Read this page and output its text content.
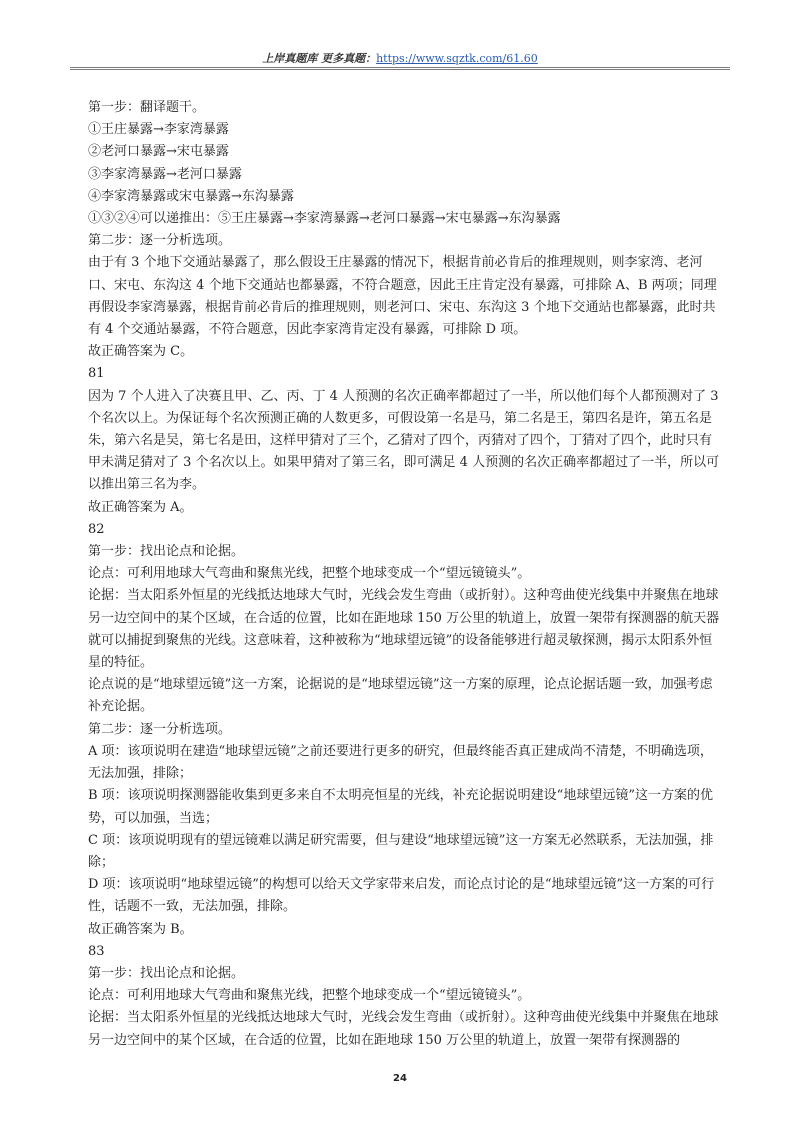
上岸真题库 更多真题：https://www.sqztk.com/61.60

第一步：翻译题干。

①王庄暴露→李家湾暴露

②老河口暴露→宋屯暴露

③李家湾暴露→老河口暴露

④李家湾暴露或宋屯暴露→东沟暴露

①③②④可以递推出：⑤王庄暴露→李家湾暴露→老河口暴露→宋屯暴露→东沟暴露

第二步：逐一分析选项。

由于有 3 个地下交通站暴露了，那么假设王庄暴露的情况下，根据肯前必肯后的推理规则，则李家湾、老河口、宋屯、东沟这 4 个地下交通站也都暴露，不符合题意，因此王庄肯定没有暴露，可排除 A、B 两项；同理再假设李家湾暴露，根据肯前必肯后的推理规则，则老河口、宋屯、东沟这 3 个地下交通站也都暴露，此时共有 4 个交通站暴露，不符合题意，因此李家湾肯定没有暴露，可排除 D 项。

故正确答案为 C。

81

因为 7 个人进入了决赛且甲、乙、丙、丁 4 人预测的名次正确率都超过了一半，所以他们每个人都预测对了 3 个名次以上。为保证每个名次预测正确的人数更多，可假设第一名是马，第二名是王，第四名是许，第五名是朱，第六名是吴，第七名是田，这样甲猜对了三个，乙猜对了四个，丙猜对了四个，丁猜对了四个，此时只有甲未满足猜对了 3 个名次以上。如果甲猜对了第三名，即可满足 4 人预测的名次正确率都超过了一半，所以可以推出第三名为李。

故正确答案为 A。

82

第一步：找出论点和论据。

论点：可利用地球大气弯曲和聚焦光线，把整个地球变成一个“望远镜镜头”。

论据：当太阳系外恒星的光线抵达地球大气时，光线会发生弯曲（或折射）。这种弯曲使光线集中并聚焦在地球另一边空间中的某个区域，在合适的位置，比如在距地球 150 万公里的轨道上，放置一架带有探测器的航天器就可以捕捉到聚焦的光线。这意味着，这种被称为“地球望远镜”的设备能够进行超灵敏探测，揭示太阳系外恒星的特征。

论点说的是“地球望远镜”这一方案，论据说的是“地球望远镜”这一方案的原理，论点论据话题一致，加强考虑补充论据。

第二步：逐一分析选项。

A 项：该项说明在建造“地球望远镜”之前还要进行更多的研究，但最终能否真正建成尚不清楚，不明确选项，无法加强，排除；

B 项：该项说明探测器能收集到更多来自不太明亮恒星的光线，补充论据说明建设“地球望远镜”这一方案的优势，可以加强，当选；

C 项：该项说明现有的望远镜难以满足研究需要，但与建设“地球望远镜”这一方案无必然联系，无法加强，排除；

D 项：该项说明“地球望远镜”的构想可以给天文学家带来启发，而论点讨论的是“地球望远镜”这一方案的可行性，话题不一致，无法加强，排除。

故正确答案为 B。

83

第一步：找出论点和论据。

论点：可利用地球大气弯曲和聚焦光线，把整个地球变成一个“望远镜镜头”。

论据：当太阳系外恒星的光线抵达地球大气时，光线会发生弯曲（或折射）。这种弯曲使光线集中并聚焦在地球另一边空间中的某个区域，在合适的位置，比如在距地球 150 万公里的轨道上，放置一架带有探测器的

24
